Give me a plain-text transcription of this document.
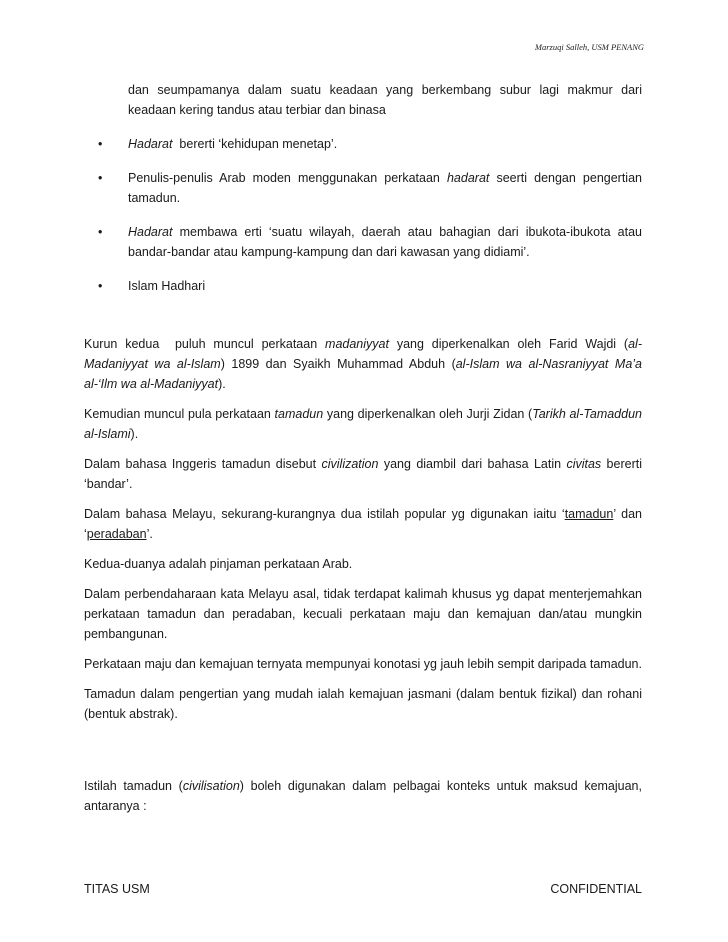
Marzuqi Salleh, USM PENANG

dan seumpamanya dalam suatu keadaan yang berkembang subur lagi makmur dari keadaan kering tandus atau terbiar dan binasa

• Hadarat  bererti ‘kehidupan menetap’.
• Penulis-penulis Arab moden menggunakan perkataan hadarat seerti dengan pengertian tamadun.
• Hadarat membawa erti ‘suatu wilayah, daerah atau bahagian dari ibukota-ibukota atau bandar-bandar atau kampung-kampung dan dari kawasan yang didiami’.
• Islam Hadhari

Kurun kedua  puluh muncul perkataan madaniyyat yang diperkenalkan oleh Farid Wajdi (al-Madaniyyat wa al-Islam) 1899 dan Syaikh Muhammad Abduh (al-Islam wa al-Nasraniyyat Ma’a al-‘Ilm wa al-Madaniyyat).

Kemudian muncul pula perkataan tamadun yang diperkenalkan oleh Jurji Zidan (Tarikh al-Tamaddun al-Islami).

Dalam bahasa Inggeris tamadun disebut civilization yang diambil dari bahasa Latin civitas bererti ‘bandar’.

Dalam bahasa Melayu, sekurang-kurangnya dua istilah popular yg digunakan iaitu ‘tamadun’ dan ‘peradaban’.

Kedua-duanya adalah pinjaman perkataan Arab.

Dalam perbendaharaan kata Melayu asal, tidak terdapat kalimah khusus yg dapat menterjemahkan perkataan tamadun dan peradaban, kecuali perkataan maju dan kemajuan dan/atau mungkin pembangunan.

Perkataan maju dan kemajuan ternyata mempunyai konotasi yg jauh lebih sempit daripada tamadun.

Tamadun dalam pengertian yang mudah ialah kemajuan jasmani (dalam bentuk fizikal) dan rohani (bentuk abstrak).

Istilah tamadun (civilisation) boleh digunakan dalam pelbagai konteks untuk maksud kemajuan, antaranya :

TITAS USM	CONFIDENTIAL
